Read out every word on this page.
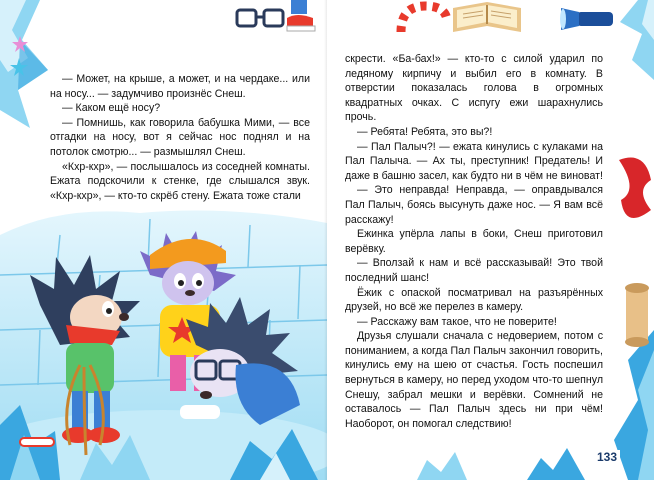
— Может, на крыше, а может, и на чердаке... или на носу... — задумчиво произнёс Снеш.

— Каком ещё носу?

— Помнишь, как говорила бабушка Мими, — все отгадки на носу, вот я сейчас нос поднял и на потолок смотрю... — размышлял Снеш.

«Кхр-кхр», — послышалось из соседней комнаты. Ежата подскочили к стенке, где слышался звук. «Кхр-кхр», — кто-то скрёб стену. Ежата тоже стали

скрести. «Ба-бах!» — кто-то с силой ударил по ледяному кирпичу и выбил его в комнату. В отверстии показалась голова в огромных квадратных очках. С испугу ежи шарахнулись прочь.

— Ребята! Ребята, это вы?!

— Пал Палыч?! — ежата кинулись с кулаками на Пал Палыча. — Ах ты, преступник! Предатель! И даже в башню засел, как будто ни в чём не виноват!

— Это неправда! Неправда, — оправдывался Пал Палыч, боясь высунуть даже нос. — Я вам всё расскажу!

Ежинка упёрла лапы в боки, Снеш приготовил верёвку.

— Вползай к нам и всё рассказывай! Это твой последний шанс!

Ёжик с опаской посматривал на разъярённых друзей, но всё же перелез в камеру.

— Расскажу вам такое, что не поверите!

Друзья слушали сначала с недоверием, потом с пониманием, а когда Пал Палыч закончил говорить, кинулись ему на шею от счастья. Гость поспешил вернуться в камеру, но перед уходом что-то шепнул Снешу, забрал мешки и верёвки. Сомнений не оставалось — Пал Палыч здесь ни при чём! Наоборот, он помогал следствию!

133
